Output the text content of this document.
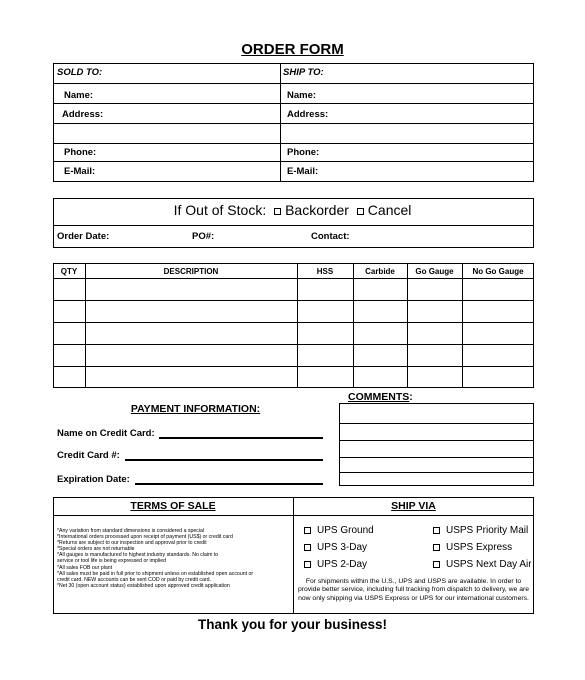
ORDER FORM
SOLD TO:
Name:
Address:
Phone:
E-Mail:
SHIP TO:
Name:
Address:
Phone:
E-Mail:
If Out of Stock: Backorder Cancel
Order Date:	PO#:	Contact:
QTY	DESCRIPTION	HSS	Carbide	Go Gauge	No Go Gauge
PAYMENT INFORMATION:
Name on Credit Card:
Credit Card #:
Expiration Date:
COMMENTS:
TERMS OF SALE
*Any variation from standard dimensions is considered a special
*International orders processed upon receipt of payment (US$) or credit card
*Returns are subject to our inspection and approval prior to credit
*Special orders are not returnable
*All gauges is manufactured to highest industry standards. No claim to
service or tool life is being expressed or implied
*All sales FOB our plant
*All sales must be paid in full prior to shipment unless on established open account or
credit card. NEW accounts can be sent COD or paid by credit card.
*Net 30 (open account status) established upon approved credit application
SHIP VIA
UPS Ground
UPS 3-Day
UPS 2-Day
USPS Priority Mail
USPS Express
USPS Next Day Air
For shipments within the U.S., UPS and USPS are available. In order to provide better service, including full tracking from dispatch to delivery, we are now only shipping via USPS Express or UPS for our international customers.
Thank you for your business!
